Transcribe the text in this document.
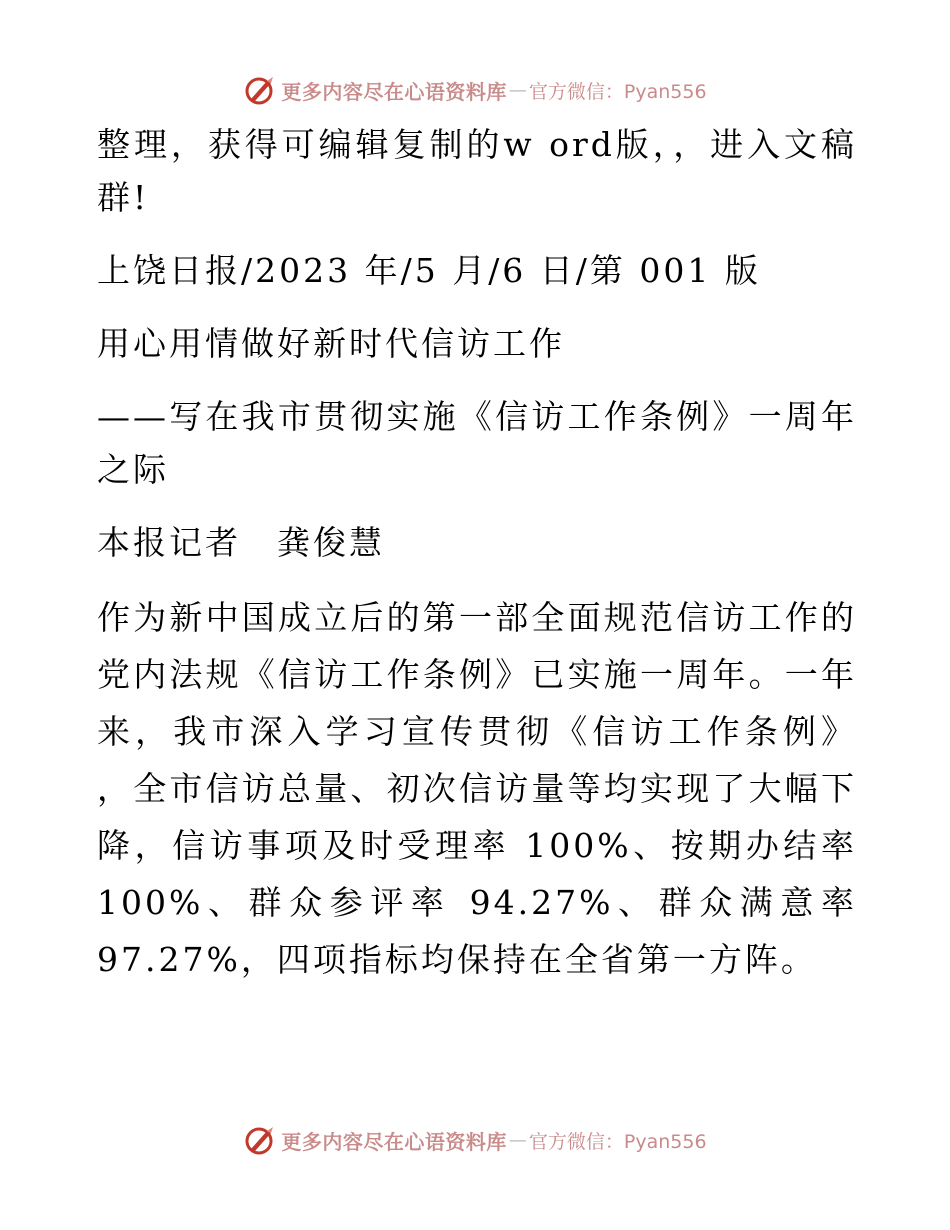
更多内容尽在心语资料库 — 官方微信：Pyan556

整理，获得可编辑复制的w ord版，，进入文稿群!

上饶日报/2023 年/5 月/6 日/第 001 版

用心用情做好新时代信访工作

——写在我市贯彻实施《信访工作条例》一周年之际

本报记者　龚俊慧

作为新中国成立后的第一部全面规范信访工作的党内法规《信访工作条例》已实施一周年。一年来，我市深入学习宣传贯彻《信访工作条例》 ，全市信访总量、初次信访量等均实现了大幅下降，信访事项及时受理率 100%、按期办结率 100%、群众参评率 94.27%、群众满意率 97.27%，四项指标均保持在全省第一方阵。

更多内容尽在心语资料库 — 官方微信：Pyan556
